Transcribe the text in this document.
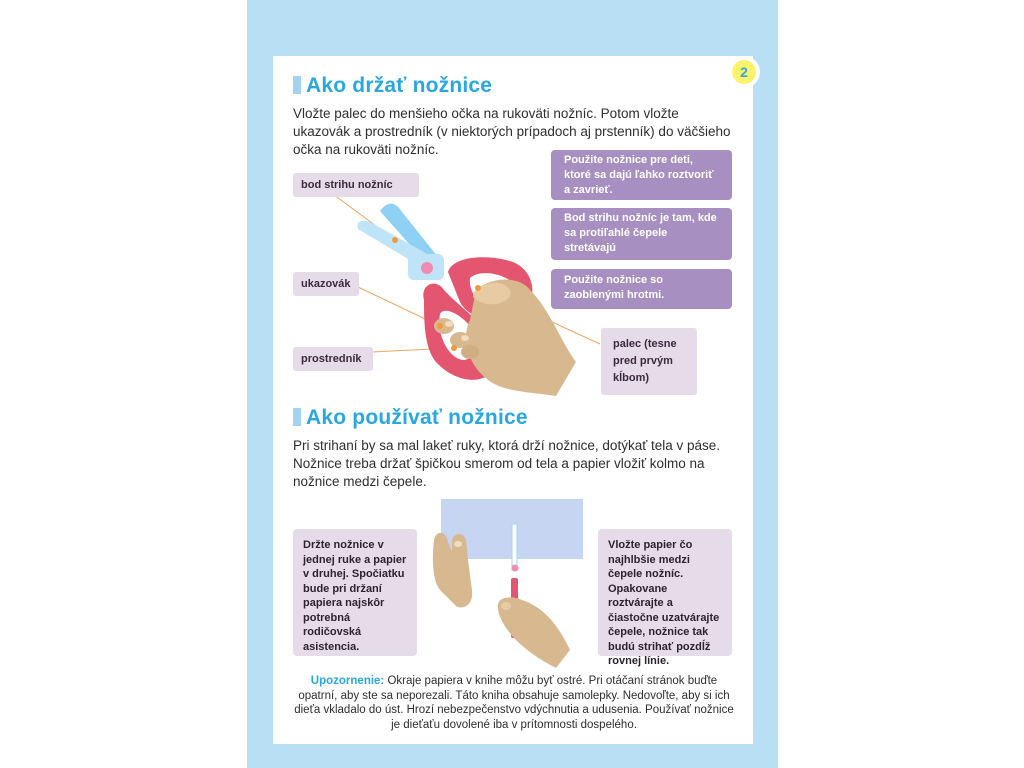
2
Ako držať nožnice
Vložte palec do menšieho očka na rukoväti nožníc. Potom vložte ukazovák a prostredník (v niektorých prípadoch aj prstenník) do väčšieho očka na rukoväti nožníc.
bod strihu nožníc
ukazovák
prostredník
palec (tesne pred prvým kĺbom)
Použite nožnice pre deti, ktoré sa dajú ľahko roztvoriť a zavrieť.
Bod strihu nožníc je tam, kde sa protiľahlé čepele stretávajú
Použite nožnice so zaoblenými hrotmi.
Ako používať nožnice
Pri strihaní by sa mal lakeť ruky, ktorá drží nožnice, dotýkať tela v páse. Nožnice treba držať špičkou smerom od tela a papier vložiť kolmo na nožnice medzi čepele.
Držte nožnice v jednej ruke a papier v druhej. Spočiatku bude pri držaní papiera najskôr potrebná rodičovská asistencia.
Vložte papier čo najhlbšie medzi čepele nožníc. Opakovane roztvárajte a čiastočne uzatvárajte čepele, nožnice tak budú strihať pozdĺž rovnej línie.
Upozornenie: Okraje papiera v knihe môžu byť ostré. Pri otáčaní stránok buďte opatrní, aby ste sa neporezali. Táto kniha obsahuje samolepky. Nedovoľte, aby si ich dieťa vkladalo do úst. Hrozí nebezpečenstvo vdýchnutia a udusenia. Používať nožnice je dieťaťu dovolené iba v prítomnosti dospelého.
